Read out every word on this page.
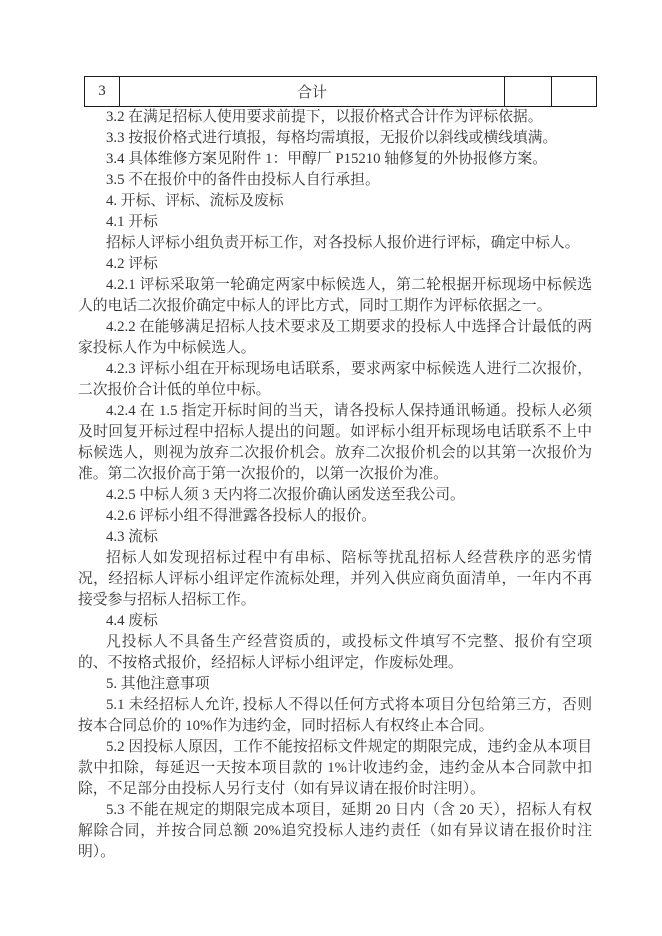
3	合计		

3.2 在满足招标人使用要求前提下，以报价格式合计作为评标依据。

3.3 按报价格式进行填报，每格均需填报，无报价以斜线或横线填满。

3.4 具体维修方案见附件 1：甲醇厂 P15210 轴修复的外协报修方案。

3.5 不在报价中的备件由投标人自行承担。

4. 开标、评标、流标及废标

4.1 开标

招标人评标小组负责开标工作，对各投标人报价进行评标，确定中标人。

4.2 评标

4.2.1 评标采取第一轮确定两家中标候选人，第二轮根据开标现场中标候选人的电话二次报价确定中标人的评比方式，同时工期作为评标依据之一。

4.2.2 在能够满足招标人技术要求及工期要求的投标人中选择合计最低的两家投标人作为中标候选人。

4.2.3 评标小组在开标现场电话联系，要求两家中标候选人进行二次报价，二次报价合计低的单位中标。

4.2.4 在 1.5 指定开标时间的当天，请各投标人保持通讯畅通。投标人必须及时回复开标过程中招标人提出的问题。如评标小组开标现场电话联系不上中标候选人，则视为放弃二次报价机会。放弃二次报价机会的以其第一次报价为准。第二次报价高于第一次报价的，以第一次报价为准。

4.2.5 中标人须 3 天内将二次报价确认函发送至我公司。

4.2.6 评标小组不得泄露各投标人的报价。

4.3 流标

招标人如发现招标过程中有串标、陪标等扰乱招标人经营秩序的恶劣情况，经招标人评标小组评定作流标处理，并列入供应商负面清单，一年内不再接受参与招标人招标工作。

4.4 废标

凡投标人不具备生产经营资质的，或投标文件填写不完整、报价有空项的、不按格式报价，经招标人评标小组评定，作废标处理。

5. 其他注意事项

5.1 未经招标人允许, 投标人不得以任何方式将本项目分包给第三方，否则按本合同总价的 10%作为违约金，同时招标人有权终止本合同。

5.2 因投标人原因，工作不能按招标文件规定的期限完成，违约金从本项目款中扣除，每延迟一天按本项目款的 1%计收违约金，违约金从本合同款中扣除，不足部分由投标人另行支付（如有异议请在报价时注明）。

5.3 不能在规定的期限完成本项目，延期 20 日内（含 20 天），招标人有权解除合同，并按合同总额 20%追究投标人违约责任（如有异议请在报价时注明）。
